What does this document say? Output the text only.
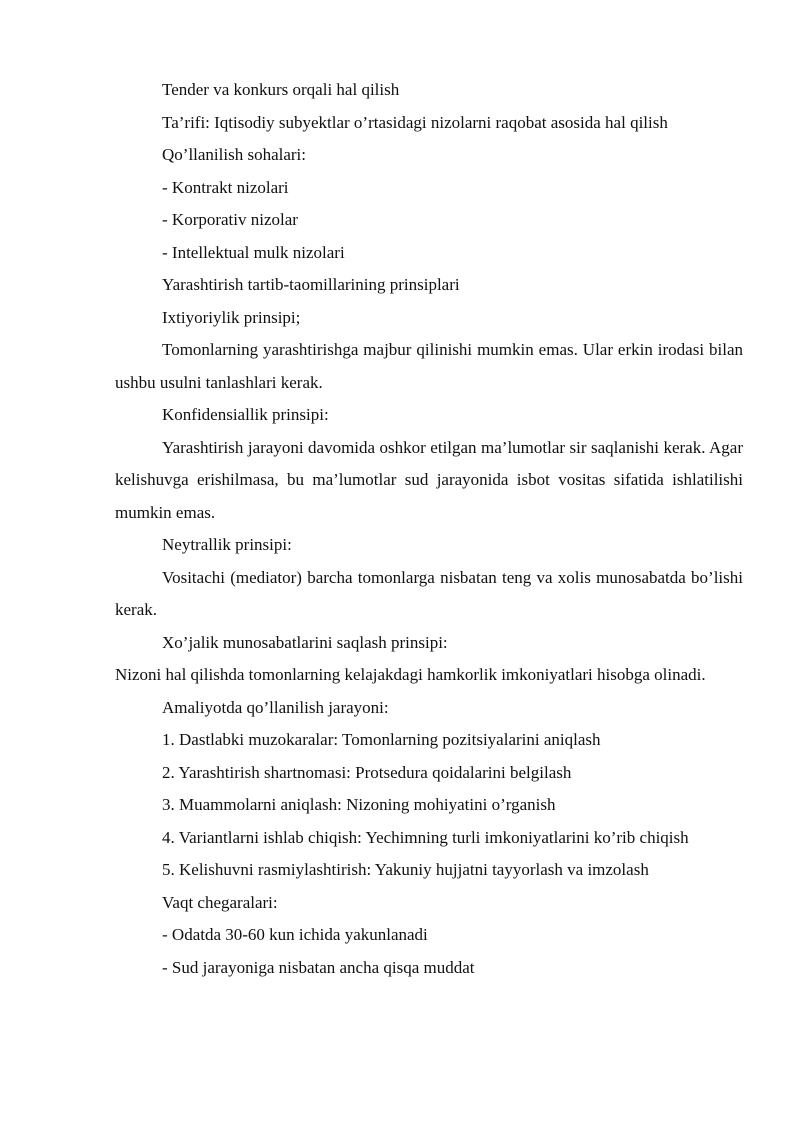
Tender va konkurs orqali hal qilish

Ta’rifi: Iqtisodiy subyektlar o’rtasidagi nizolarni raqobat asosida hal qilish

Qo’llanilish sohalari:

- Kontrakt nizolari

- Korporativ nizolar

- Intellektual mulk nizolari

Yarashtirish tartib-taomillarining prinsiplari

Ixtiyoriylik prinsipi;

Tomonlarning yarashtirishga majbur qilinishi mumkin emas. Ular erkin irodasi bilan ushbu usulni tanlashlari kerak.

Konfidensiallik prinsipi:

Yarashtirish jarayoni davomida oshkor etilgan ma’lumotlar sir saqlanishi kerak. Agar kelishuvga erishilmasa, bu ma’lumotlar sud jarayonida isbot vositas sifatida ishlatilishi mumkin emas.

Neytrallik prinsipi:

Vositachi (mediator) barcha tomonlarga nisbatan teng va xolis munosabatda bo’lishi kerak.

Xo’jalik munosabatlarini saqlash prinsipi:

Nizoni hal qilishda tomonlarning kelajakdagi hamkorlik imkoniyatlari hisobga olinadi.

Amaliyotda qo’llanilish jarayoni:

1. Dastlabki muzokaralar: Tomonlarning pozitsiyalarini aniqlash

2. Yarashtirish shartnomasi: Protsedura qoidalarini belgilash

3. Muammolarni aniqlash: Nizoning mohiyatini o’rganish

4. Variantlarni ishlab chiqish: Yechimning turli imkoniyatlarini ko’rib chiqish

5. Kelishuvni rasmiylashtirish: Yakuniy hujjatni tayyorlash va imzolash

Vaqt chegaralari:

- Odatda 30-60 kun ichida yakunlanadi

- Sud jarayoniga nisbatan ancha qisqa muddat
